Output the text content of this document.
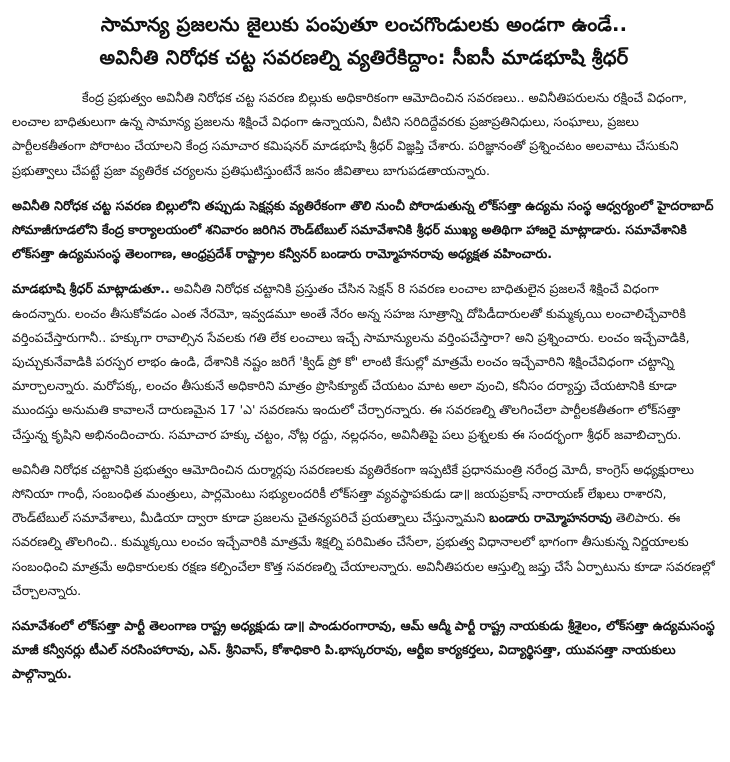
సామాన్య ప్రజలను జైలుకు పంపుతూ లంచగొండులకు అండగా ఉండే..
అవినీతి నిరోధక చట్ట సవరణల్ని వ్యతిరేకిద్దాం: సీఐసీ మాడభూషి శ్రీధర్

కేంద్ర ప్రభుత్వం అవినీతి నిరోధక చట్ట సవరణ బిల్లుకు అధికారికంగా ఆమోదించిన సవరణలు.. అవినీతిపరులను రక్షించే విధంగా, లంచాల బాధితులుగా ఉన్న సామాన్య ప్రజలను శిక్షించే విధంగా ఉన్నాయని, వీటిని సరిదిద్దేవరకు ప్రజాప్రతినిధులు, సంఘాలు, ప్రజలు పార్టీలకతీతంగా పోరాటం చేయాలని కేంద్ర సమాచార కమిషనర్ మాడభూషి శ్రీధర్ విజ్ఞప్తి చేశారు. పరిజ్ఞానంతో ప్రశ్నించటం అలవాటు చేసుకుని ప్రభుత్వాలు చేపట్టే ప్రజా వ్యతిరేక చర్యలను ప్రతిఘటిస్తుంటేనే జనం జీవితాలు బాగుపడతాయన్నారు.

అవినీతి నిరోధక చట్ట సవరణ బిల్లులోని తప్పుడు సెక్షన్లకు వ్యతిరేకంగా తొలి నుంచీ పోరాడుతున్న లోక్‌సత్తా ఉద్యమ సంస్థ ఆధ్వర్యంలో హైదరాబాద్ సోమాజీగూడలోని కేంద్ర కార్యాలయంలో శనివారం జరిగిన రౌండ్‌టేబుల్ సమావేశానికి శ్రీధర్ ముఖ్య అతిథిగా హాజరై మాట్లాడారు. సమావేశానికి లోక్‌సత్తా ఉద్యమసంస్థ తెలంగాణ, ఆంధ్రప్రదేశ్ రాష్ట్రాల కన్వీనర్ బండారు రామ్మోహనరావు అధ్యక్షత వహించారు.

మాడభూషి శ్రీధర్ మాట్లాడుతూ.. అవినీతి నిరోధక చట్టానికి ప్రస్తుతం చేసిన సెక్షన్ 8 సవరణ లంచాల బాధితులైన ప్రజలనే శిక్షించే విధంగా ఉందన్నారు. లంచం తీసుకోవడం ఎంత నేరమో, ఇవ్వడమూ అంతే నేరం అన్న సహజ సూత్రాన్ని దోపిడీదారులతో కుమ్మక్కయి లంచాలిచ్చేవారికి వర్తింపచేస్తారుగానీ.. హక్కుగా రావాల్సిన సేవలకు గతి లేక లంచాలు ఇచ్చే సామాన్యులను వర్తింపచేస్తారా? అని ప్రశ్నించారు. లంచం ఇచ్చేవాడికి, పుచ్చుకునేవాడికి పరస్పర లాభం ఉండి, దేశానికి నష్టం జరిగే 'క్విడ్ ప్రో కో' లాంటి కేసుల్లో మాత్రమే లంచం ఇచ్చేవారిని శిక్షించేవిధంగా చట్టాన్ని మార్చాలన్నారు. మరోపక్క, లంచం తీసుకునే అధికారిని మాత్రం ప్రొసిక్యూట్ చేయటం మాట అలా వుంచి, కనీసం దర్యాప్తు చేయటానికి కూడా ముందస్తు అనుమతి కావాలనే దారుణమైన 17 'ఎ' సవరణను ఇందులో చేర్చారన్నారు. ఈ సవరణల్ని తొలగించేలా పార్టీలకతీతంగా లోక్‌సత్తా చేస్తున్న కృషిని అభినందించారు. సమాచార హక్కు చట్టం, నోట్ల రద్దు, నల్లధనం, అవినీతిపై పలు ప్రశ్నలకు ఈ సందర్భంగా శ్రీధర్ జవాబిచ్చారు.

అవినీతి నిరోధక చట్టానికి ప్రభుత్వం ఆమోదించిన దుర్మార్గపు సవరణలకు వ్యతిరేకంగా ఇప్పటికే ప్రధానమంత్రి నరేంద్ర మోదీ, కాంగ్రెస్ అధ్యక్షురాలు సోనియా గాంధీ, సంబంధిత మంత్రులు, పార్లమెంటు సభ్యులందరికీ లోక్‌సత్తా వ్యవస్థాపకుడు డా॥ జయప్రకాష్ నారాయణ్ లేఖలు రాశారని, రౌండ్‌టేబుల్ సమావేశాలు, మీడియా ద్వారా కూడా ప్రజలను చైతన్యపరిచే ప్రయత్నాలు చేస్తున్నామని బండారు రామ్మోహనరావు తెలిపారు. ఈ సవరణల్ని తొలగించి.. కుమ్మక్కయి లంచం ఇచ్చేవారికి మాత్రమే శిక్షల్ని పరిమితం చేసేలా, ప్రభుత్వ విధానాలలో భాగంగా తీసుకున్న నిర్ణయాలకు సంబంధించి మాత్రమే అధికారులకు రక్షణ కల్పించేలా కొత్త సవరణల్ని చేయాలన్నారు. అవినీతిపరుల ఆస్తుల్ని జప్తు చేసే ఏర్పాటును కూడా సవరణల్లో చేర్చాలన్నారు.

సమావేశంలో లోక్‌సత్తా పార్టీ తెలంగాణ రాష్ట్ర అధ్యక్షుడు డా॥ పాండురంగారావు, ఆమ్ ఆద్మీ పార్టీ రాష్ట్ర నాయకుడు శ్రీశైలం, లోక్‌సత్తా ఉద్యమసంస్థ మాజీ కన్వీనర్లు టీఎల్ నరసింహారావు, ఎన్. శ్రీనివాస్, కోశాధికారి పి.భాస్కరరావు, ఆర్టీఐ కార్యకర్తలు, విద్యార్థిసత్తా, యువసత్తా నాయకులు పాల్గొన్నారు.
